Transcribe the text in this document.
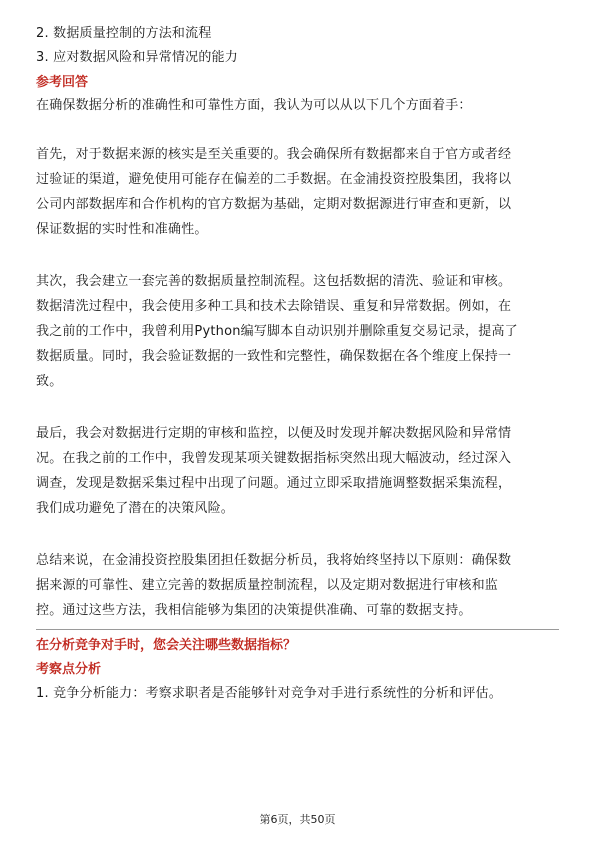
2. 数据质量控制的方法和流程
3. 应对数据风险和异常情况的能力
参考回答
在确保数据分析的准确性和可靠性方面，我认为可以从以下几个方面着手：
首先，对于数据来源的核实是至关重要的。我会确保所有数据都来自于官方或者经
过验证的渠道，避免使用可能存在偏差的二手数据。在金浦投资控股集团，我将以
公司内部数据库和合作机构的官方数据为基础，定期对数据源进行审查和更新，以
保证数据的实时性和准确性。
其次，我会建立一套完善的数据质量控制流程。这包括数据的清洗、验证和审核。
数据清洗过程中，我会使用多种工具和技术去除错误、重复和异常数据。例如，在
我之前的工作中，我曾利用Python编写脚本自动识别并删除重复交易记录，提高了
数据质量。同时，我会验证数据的一致性和完整性，确保数据在各个维度上保持一
致。
最后，我会对数据进行定期的审核和监控，以便及时发现并解决数据风险和异常情
况。在我之前的工作中，我曾发现某项关键数据指标突然出现大幅波动，经过深入
调查，发现是数据采集过程中出现了问题。通过立即采取措施调整数据采集流程，
我们成功避免了潜在的决策风险。
总结来说，在金浦投资控股集团担任数据分析员，我将始终坚持以下原则：确保数
据来源的可靠性、建立完善的数据质量控制流程，以及定期对数据进行审核和监
控。通过这些方法，我相信能够为集团的决策提供准确、可靠的数据支持。
在分析竞争对手时，您会关注哪些数据指标？
考察点分析
1. 竞争分析能力：考察求职者是否能够针对竞争对手进行系统性的分析和评估。
第6页，共50页
